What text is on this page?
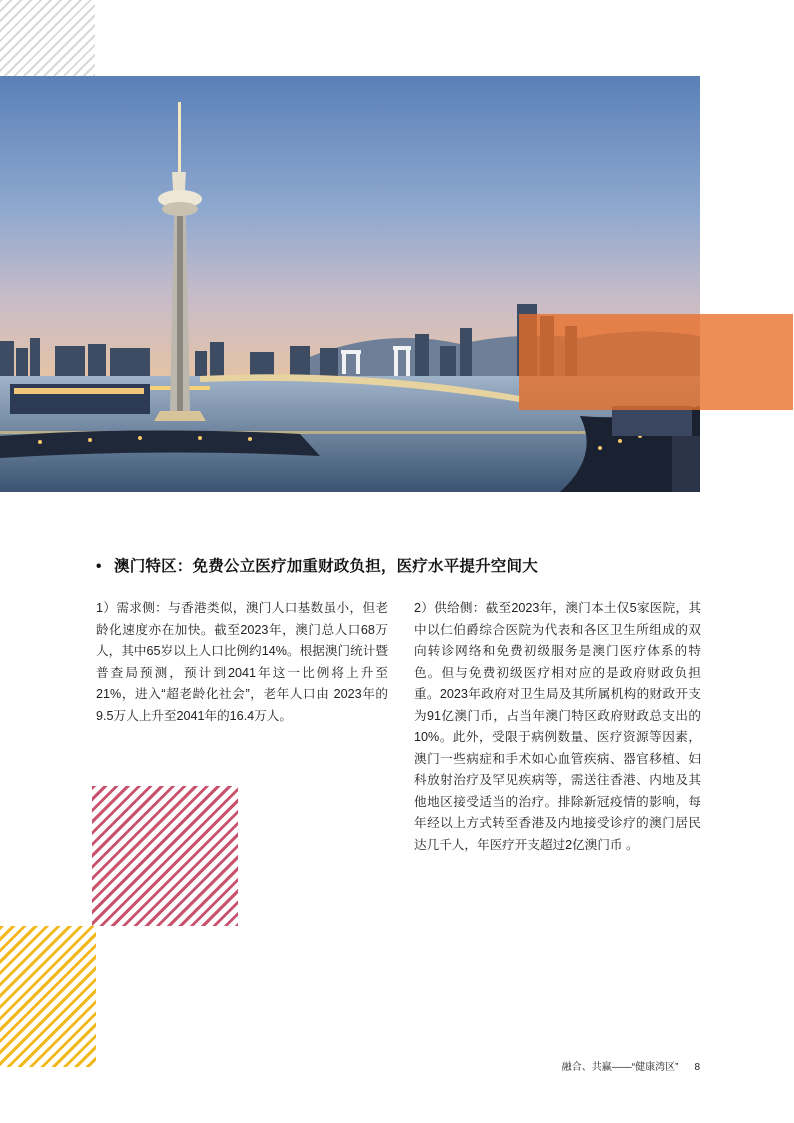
• 澳门特区：免费公立医疗加重财政负担，医疗水平提升空间大
1）需求侧：与香港类似，澳门人口基数虽小，但老龄化速度亦在加快。截至2023年，澳门总人口68万人，其中65岁以上人口比例约14%。根据澳门统计暨普查局预测，预计到2041年这一比例将上升至21%，进入“超老龄化社会”，老年人口由 2023年的9.5万人上升至2041年的16.4万人。
2）供给侧：截至2023年，澳门本土仅5家医院，其中以仁伯爵综合医院为代表和各区卫生所组成的双向转诊网络和免费初级服务是澳门医疗体系的特色。但与免费初级医疗相对应的是政府财政负担重。2023年政府对卫生局及其所属机构的财政开支为91亿澳门币，占当年澳门特区政府财政总支出的10%。此外，受限于病例数量、医疗资源等因素，澳门一些病症和手术如心血管疾病、器官移植、妇科放射治疗及罕见疾病等，需送往香港、内地及其他地区接受适当的治疗。排除新冠疫情的影响，每年经以上方式转至香港及内地接受诊疗的澳门居民达几千人，年医疗开支超过2亿澳门币 。
融合、共赢——“健康湾区” 8
